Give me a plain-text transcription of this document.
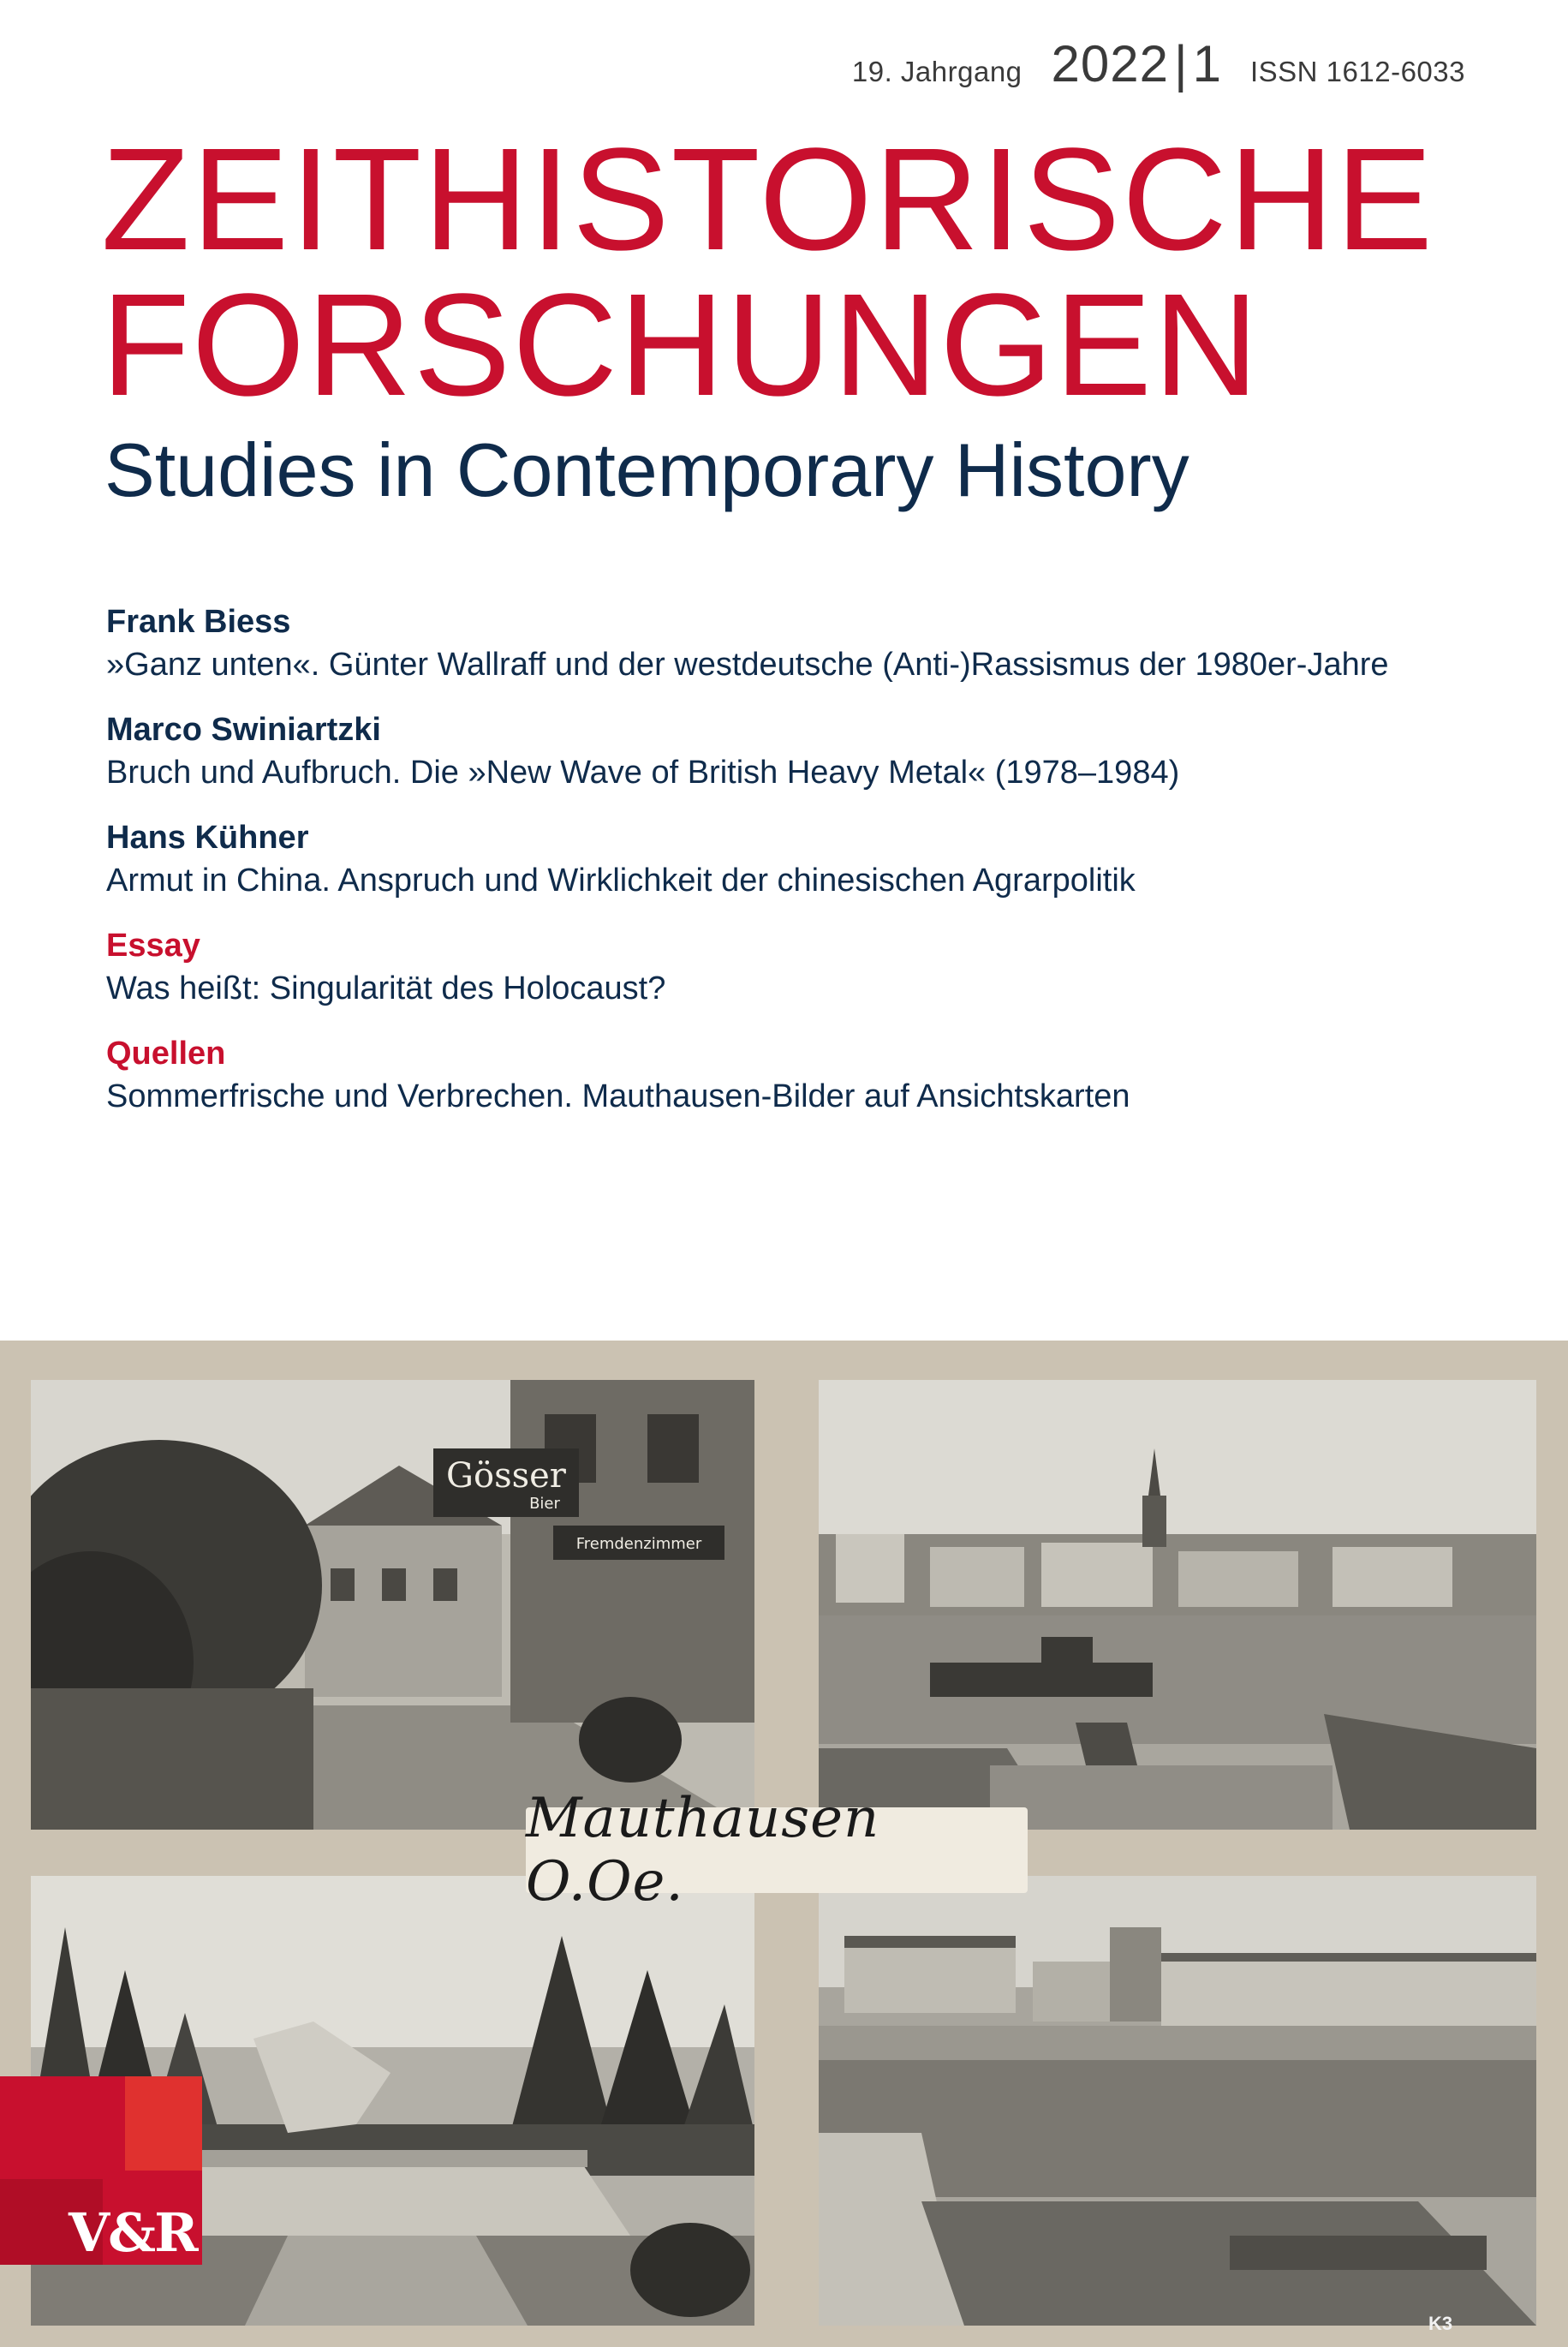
19. Jahrgang 2022 | 1 ISSN 1612-6033
ZEITHISTORISCHE
FORSCHUNGEN
Studies in Contemporary History
Frank Biess
»Ganz unten«. Günter Wallraff und der westdeutsche (Anti-)Rassismus der 1980er-Jahre
Marco Swiniartzki
Bruch und Aufbruch. Die »New Wave of British Heavy Metal« (1978–1984)
Hans Kühner
Armut in China. Anspruch und Wirklichkeit der chinesischen Agrarpolitik
Essay
Was heißt: Singularität des Holocaust?
Quellen
Sommerfrische und Verbrechen. Mauthausen-Bilder auf Ansichtskarten
Gösser
Bier
Fremdenzimmer
Mauthausen O.Oe.
V&R
K3
